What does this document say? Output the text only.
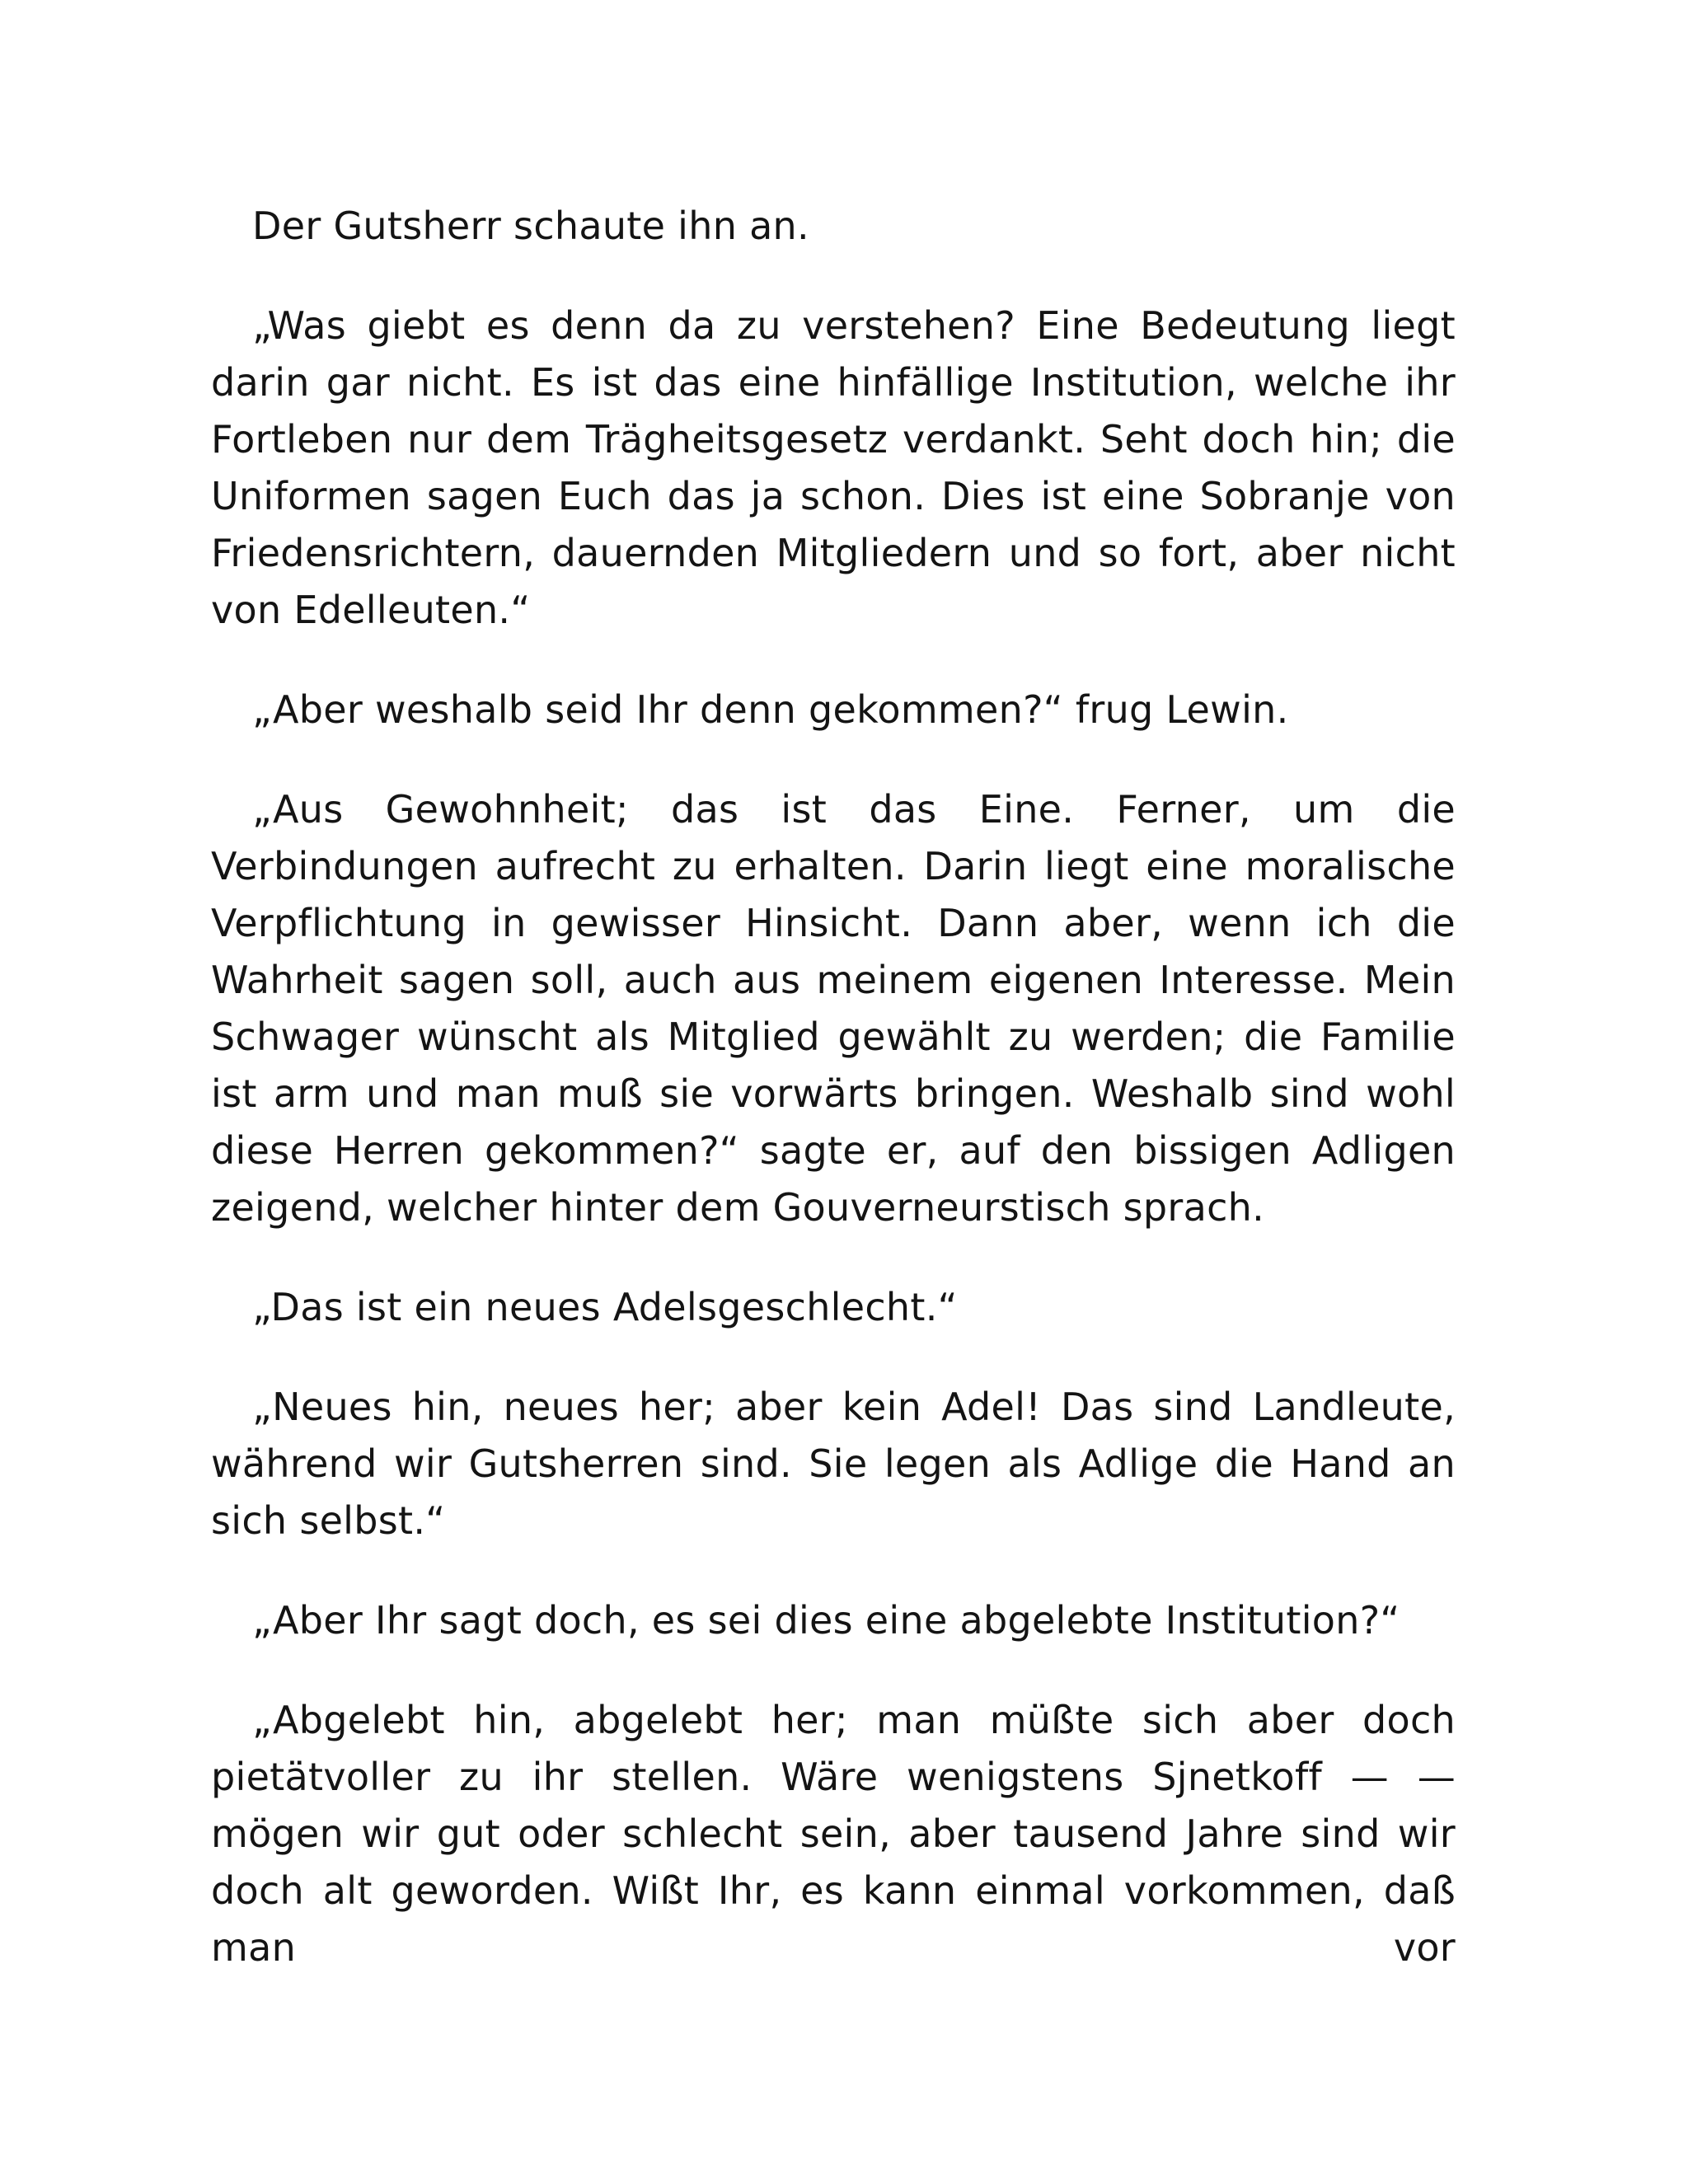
Der Gutsherr schaute ihn an.

„Was giebt es denn da zu verstehen? Eine Bedeutung liegt darin gar nicht. Es ist das eine hinfällige Institution, welche ihr Fortleben nur dem Trägheitsgesetz verdankt. Seht doch hin; die Uniformen sagen Euch das ja schon. Dies ist eine Sobranje von Friedensrichtern, dauernden Mitgliedern und so fort, aber nicht von Edelleuten.“

„Aber weshalb seid Ihr denn gekommen?“ frug Lewin.

„Aus Gewohnheit; das ist das Eine. Ferner, um die Verbindungen aufrecht zu erhalten. Darin liegt eine moralische Verpflichtung in gewisser Hinsicht. Dann aber, wenn ich die Wahrheit sagen soll, auch aus meinem eigenen Interesse. Mein Schwager wünscht als Mitglied gewählt zu werden; die Familie ist arm und man muß sie vorwärts bringen. Weshalb sind wohl diese Herren gekommen?“ sagte er, auf den bissigen Adligen zeigend, welcher hinter dem Gouverneurstisch sprach.

„Das ist ein neues Adelsgeschlecht.“

„Neues hin, neues her; aber kein Adel! Das sind Landleute, während wir Gutsherren sind. Sie legen als Adlige die Hand an sich selbst.“

„Aber Ihr sagt doch, es sei dies eine abgelebte Institution?“

„Abgelebt hin, abgelebt her; man müßte sich aber doch pietätvoller zu ihr stellen. Wäre wenigstens Sjnetkoff — — mögen wir gut oder schlecht sein, aber tausend Jahre sind wir doch alt geworden. Wißt Ihr, es kann einmal vorkommen, daß man vor
